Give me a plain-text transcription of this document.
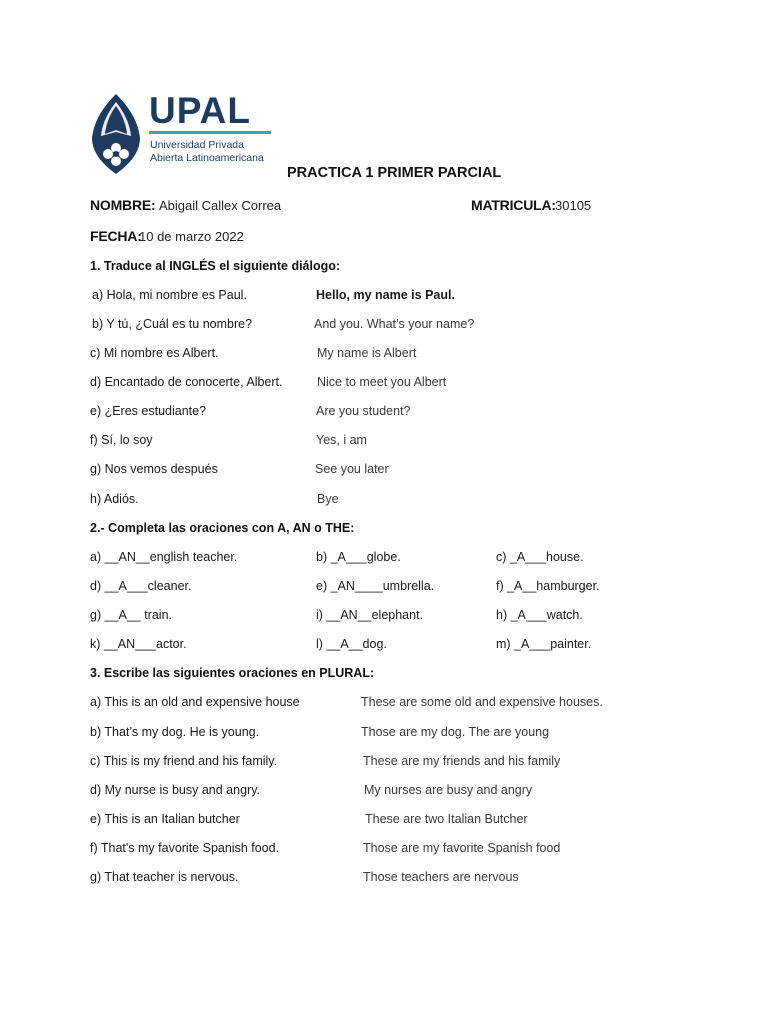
UPAL
Universidad Privada
Abierta Latinoamericana
PRACTICA 1 PRIMER PARCIAL
NOMBRE: Abigail Callex Correa	MATRICULA: 30105
FECHA:
10 de marzo 2022
1. Traduce al INGLÉS el siguiente diálogo:
a) Hola, mi nombre es Paul.	Hello, my name is Paul.
b) Y tú, ¿Cuál es tu nombre?	And you. What’s your name?
c) Mi nombre es Albert.	My name is Albert
d) Encantado de conocerte, Albert.	Nice to meet you Albert
e) ¿Eres estudiante?	Are you student?
f) Sí, lo soy	Yes, i am
g) Nos vemos después	See you later
h) Adiós.	Bye
2.- Completa las oraciones con A, AN o THE:
a) __AN__english teacher.	b) _A___globe.	c) _A___house.
d) __A___cleaner.	e) _AN____umbrella.	f) _A__hamburger.
g) __A__ train.	i) __AN__elephant.	h) _A___watch.
k) __AN___actor.	l) __A__dog.	m) _A___painter.
3. Escribe las siguientes oraciones en PLURAL:
a) This is an old and expensive house	These are some old and expensive houses.
b) That’s my dog. He is young.	Those are my dog. The are young
c) This is my friend and his family.	These are my friends and his family
d) My nurse is busy and angry.	My nurses are busy and angry
e) This is an Italian butcher	These are two Italian Butcher
f) That's my favorite Spanish food.	Those are my favorite Spanish food
g) That teacher is nervous.	Those teachers are nervous
